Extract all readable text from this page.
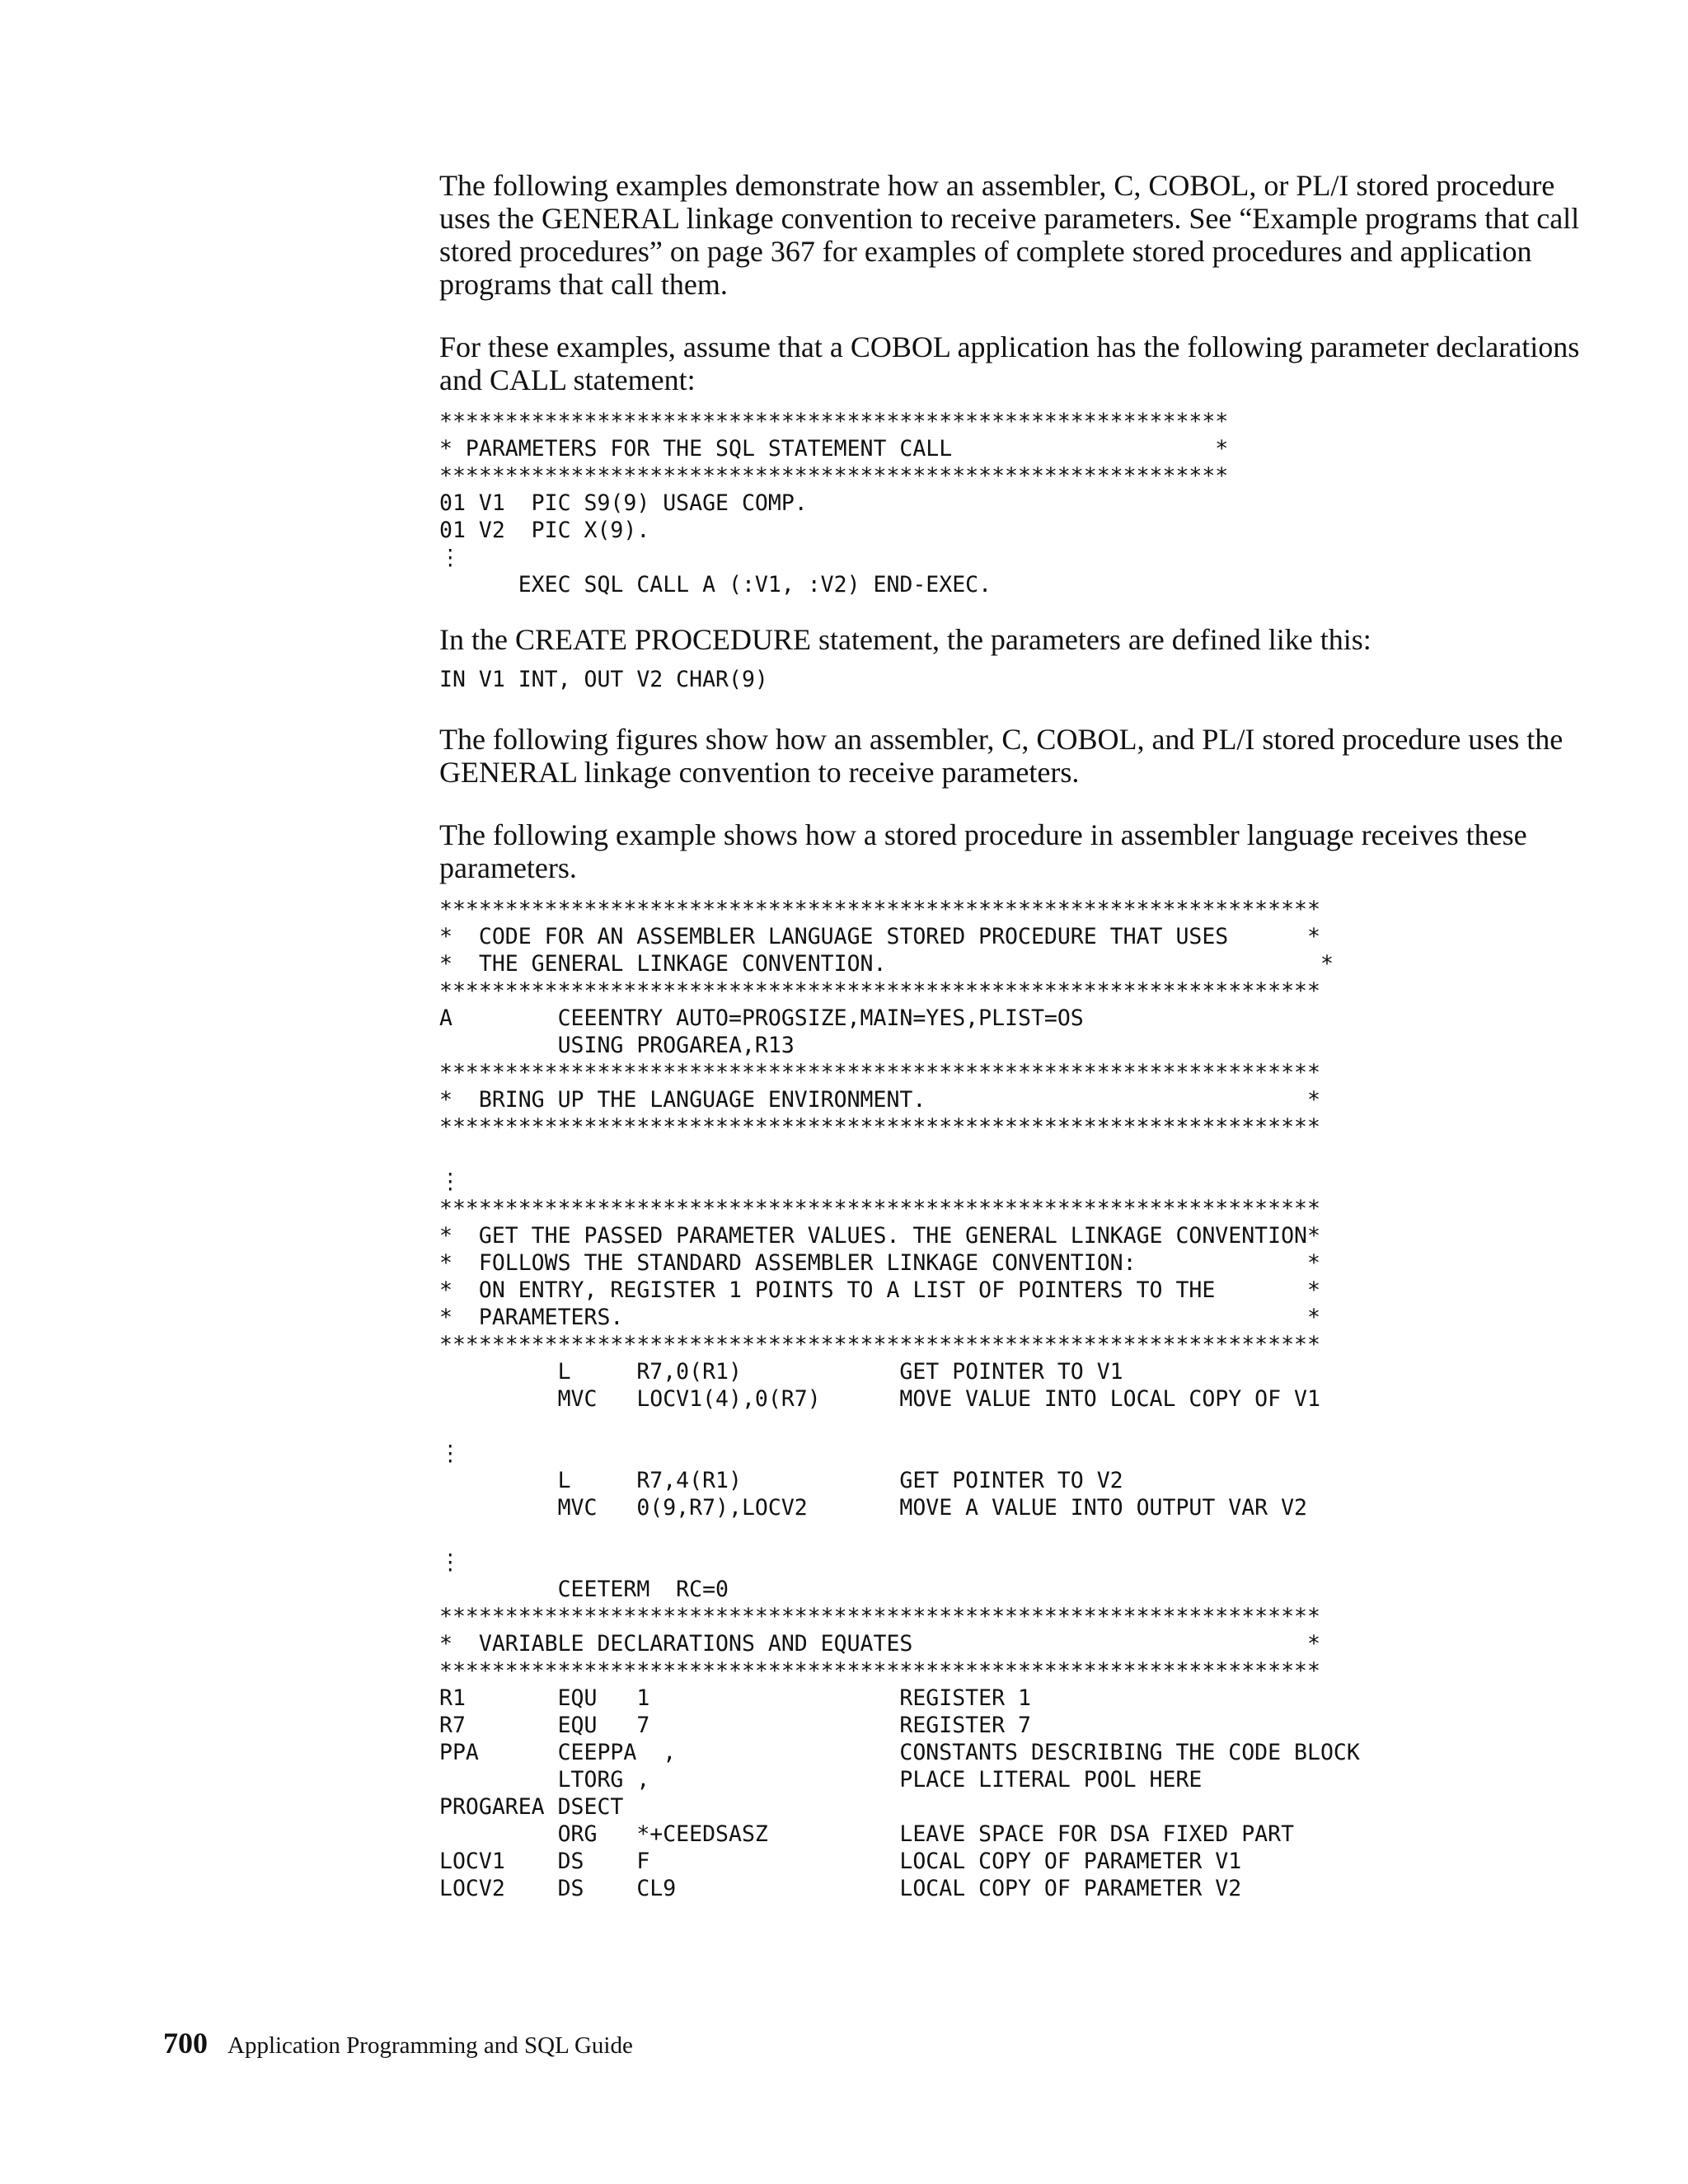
The following examples demonstrate how an assembler, C, COBOL, or PL/I stored procedure uses the GENERAL linkage convention to receive parameters. See “Example programs that call stored procedures” on page 367 for examples of complete stored procedures and application programs that call them.

For these examples, assume that a COBOL application has the following parameter declarations and CALL statement:

************************************************************
* PARAMETERS FOR THE SQL STATEMENT CALL                    *
************************************************************
01 V1  PIC S9(9) USAGE COMP.
01 V2  PIC X(9).
⋮
EXEC SQL CALL A (:V1, :V2) END-EXEC.

In the CREATE PROCEDURE statement, the parameters are defined like this:

IN V1 INT, OUT V2 CHAR(9)

The following figures show how an assembler, C, COBOL, and PL/I stored procedure uses the GENERAL linkage convention to receive parameters.

The following example shows how a stored procedure in assembler language receives these parameters.

*******************************************************************
*  CODE FOR AN ASSEMBLER LANGUAGE STORED PROCEDURE THAT USES      *
*  THE GENERAL LINKAGE CONVENTION.                                 *
*******************************************************************
A        CEEENTRY AUTO=PROGSIZE,MAIN=YES,PLIST=OS
USING PROGAREA,R13
*******************************************************************
*  BRING UP THE LANGUAGE ENVIRONMENT.                             *
*******************************************************************

⋮
*******************************************************************
*  GET THE PASSED PARAMETER VALUES. THE GENERAL LINKAGE CONVENTION*
*  FOLLOWS THE STANDARD ASSEMBLER LINKAGE CONVENTION:             *
*  ON ENTRY, REGISTER 1 POINTS TO A LIST OF POINTERS TO THE       *
*  PARAMETERS.                                                    *
*******************************************************************
L     R7,0(R1)            GET POINTER TO V1
MVC   LOCV1(4),0(R7)      MOVE VALUE INTO LOCAL COPY OF V1

⋮
L     R7,4(R1)            GET POINTER TO V2
MVC   0(9,R7),LOCV2       MOVE A VALUE INTO OUTPUT VAR V2

⋮
CEETERM  RC=0
*******************************************************************
*  VARIABLE DECLARATIONS AND EQUATES                              *
*******************************************************************
R1       EQU   1                   REGISTER 1
R7       EQU   7                   REGISTER 7
PPA      CEEPPA  ,                 CONSTANTS DESCRIBING THE CODE BLOCK
LTORG ,                   PLACE LITERAL POOL HERE
PROGAREA DSECT
ORG   *+CEEDSASZ          LEAVE SPACE FOR DSA FIXED PART
LOCV1    DS    F                   LOCAL COPY OF PARAMETER V1
LOCV2    DS    CL9                 LOCAL COPY OF PARAMETER V2
700 Application Programming and SQL Guide
